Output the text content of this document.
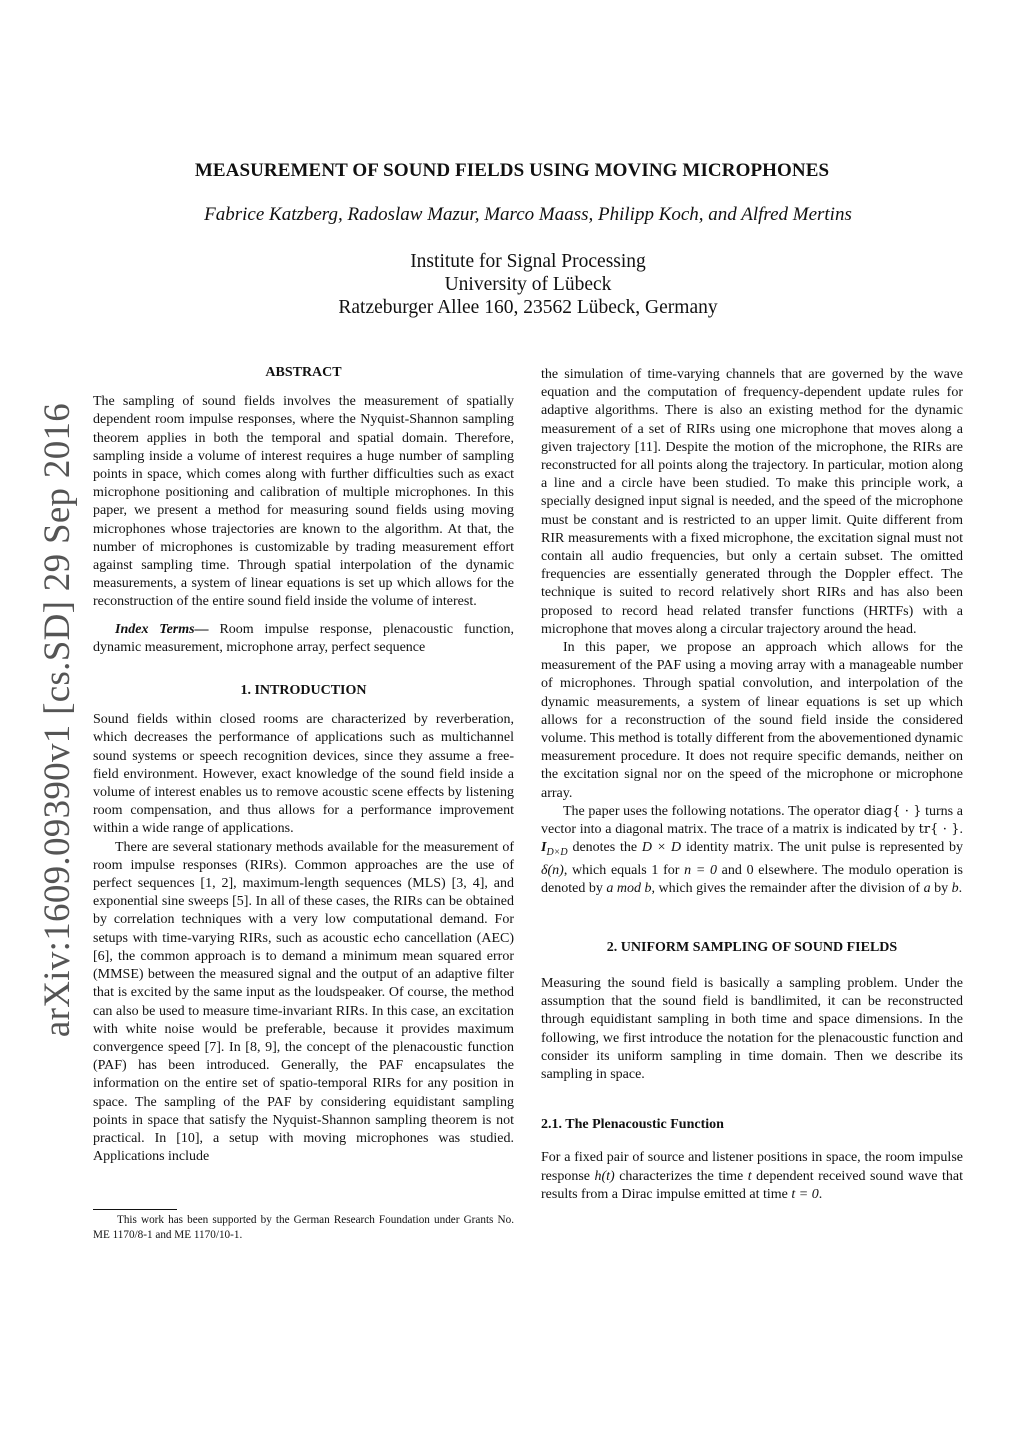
MEASUREMENT OF SOUND FIELDS USING MOVING MICROPHONES
Fabrice Katzberg, Radoslaw Mazur, Marco Maass, Philipp Koch, and Alfred Mertins
Institute for Signal Processing
University of Lübeck
Ratzeburger Allee 160, 23562 Lübeck, Germany
arXiv:1609.09390v1 [cs.SD] 29 Sep 2016

ABSTRACT

The sampling of sound fields involves the measurement of spatially dependent room impulse responses, where the Nyquist-Shannon sampling theorem applies in both the temporal and spatial domain. Therefore, sampling inside a volume of interest requires a huge number of sampling points in space, which comes along with further difficulties such as exact microphone positioning and calibration of multiple microphones. In this paper, we present a method for measuring sound fields using moving microphones whose trajectories are known to the algorithm. At that, the number of microphones is customizable by trading measurement effort against sampling time. Through spatial interpolation of the dynamic measurements, a system of linear equations is set up which allows for the reconstruction of the entire sound field inside the volume of interest.

Index Terms— Room impulse response, plenacoustic function, dynamic measurement, microphone array, perfect sequence

1. INTRODUCTION

Sound fields within closed rooms are characterized by reverberation, which decreases the performance of applications such as multichannel sound systems or speech recognition devices, since they assume a free-field environment. However, exact knowledge of the sound field inside a volume of interest enables us to remove acoustic scene effects by listening room compensation, and thus allows for a performance improvement within a wide range of applications.

There are several stationary methods available for the measurement of room impulse responses (RIRs). Common approaches are the use of perfect sequences [1, 2], maximum-length sequences (MLS) [3, 4], and exponential sine sweeps [5]. In all of these cases, the RIRs can be obtained by correlation techniques with a very low computational demand. For setups with time-varying RIRs, such as acoustic echo cancellation (AEC) [6], the common approach is to demand a minimum mean squared error (MMSE) between the measured signal and the output of an adaptive filter that is excited by the same input as the loudspeaker. Of course, the method can also be used to measure time-invariant RIRs. In this case, an excitation with white noise would be preferable, because it provides maximum convergence speed [7]. In [8, 9], the concept of the plenacoustic function (PAF) has been introduced. Generally, the PAF encapsulates the information on the entire set of spatio-temporal RIRs for any position in space. The sampling of the PAF by considering equidistant sampling points in space that satisfy the Nyquist-Shannon sampling theorem is not practical. In [10], a setup with moving microphones was studied. Applications include

the simulation of time-varying channels that are governed by the wave equation and the computation of frequency-dependent update rules for adaptive algorithms. There is also an existing method for the dynamic measurement of a set of RIRs using one microphone that moves along a given trajectory [11]. Despite the motion of the microphone, the RIRs are reconstructed for all points along the trajectory. In particular, motion along a line and a circle have been studied. To make this principle work, a specially designed input signal is needed, and the speed of the microphone must be constant and is restricted to an upper limit. Quite different from RIR measurements with a fixed microphone, the excitation signal must not contain all audio frequencies, but only a certain subset. The omitted frequencies are essentially generated through the Doppler effect. The technique is suited to record relatively short RIRs and has also been proposed to record head related transfer functions (HRTFs) with a microphone that moves along a circular trajectory around the head.

In this paper, we propose an approach which allows for the measurement of the PAF using a moving array with a manageable number of microphones. Through spatial convolution, and interpolation of the dynamic measurements, a system of linear equations is set up which allows for a reconstruction of the sound field inside the considered volume. This method is totally different from the abovementioned dynamic measurement procedure. It does not require specific demands, neither on the excitation signal nor on the speed of the microphone or microphone array.

The paper uses the following notations. The operator diag{ · } turns a vector into a diagonal matrix. The trace of a matrix is indicated by tr{ · }. $I_{D\times D}$ denotes the D × D identity matrix. The unit pulse is represented by δ(n), which equals 1 for n = 0 and 0 elsewhere. The modulo operation is denoted by a mod b, which gives the remainder after the division of a by b.

2. UNIFORM SAMPLING OF SOUND FIELDS

Measuring the sound field is basically a sampling problem. Under the assumption that the sound field is bandlimited, it can be reconstructed through equidistant sampling in both time and space dimensions. In the following, we first introduce the notation for the plenacoustic function and consider its uniform sampling in time domain. Then we describe its sampling in space.

2.1. The Plenacoustic Function

For a fixed pair of source and listener positions in space, the room impulse response h(t) characterizes the time t dependent received sound wave that results from a Dirac impulse emitted at time t = 0.

This work has been supported by the German Research Foundation under Grants No. ME 1170/8-1 and ME 1170/10-1.
